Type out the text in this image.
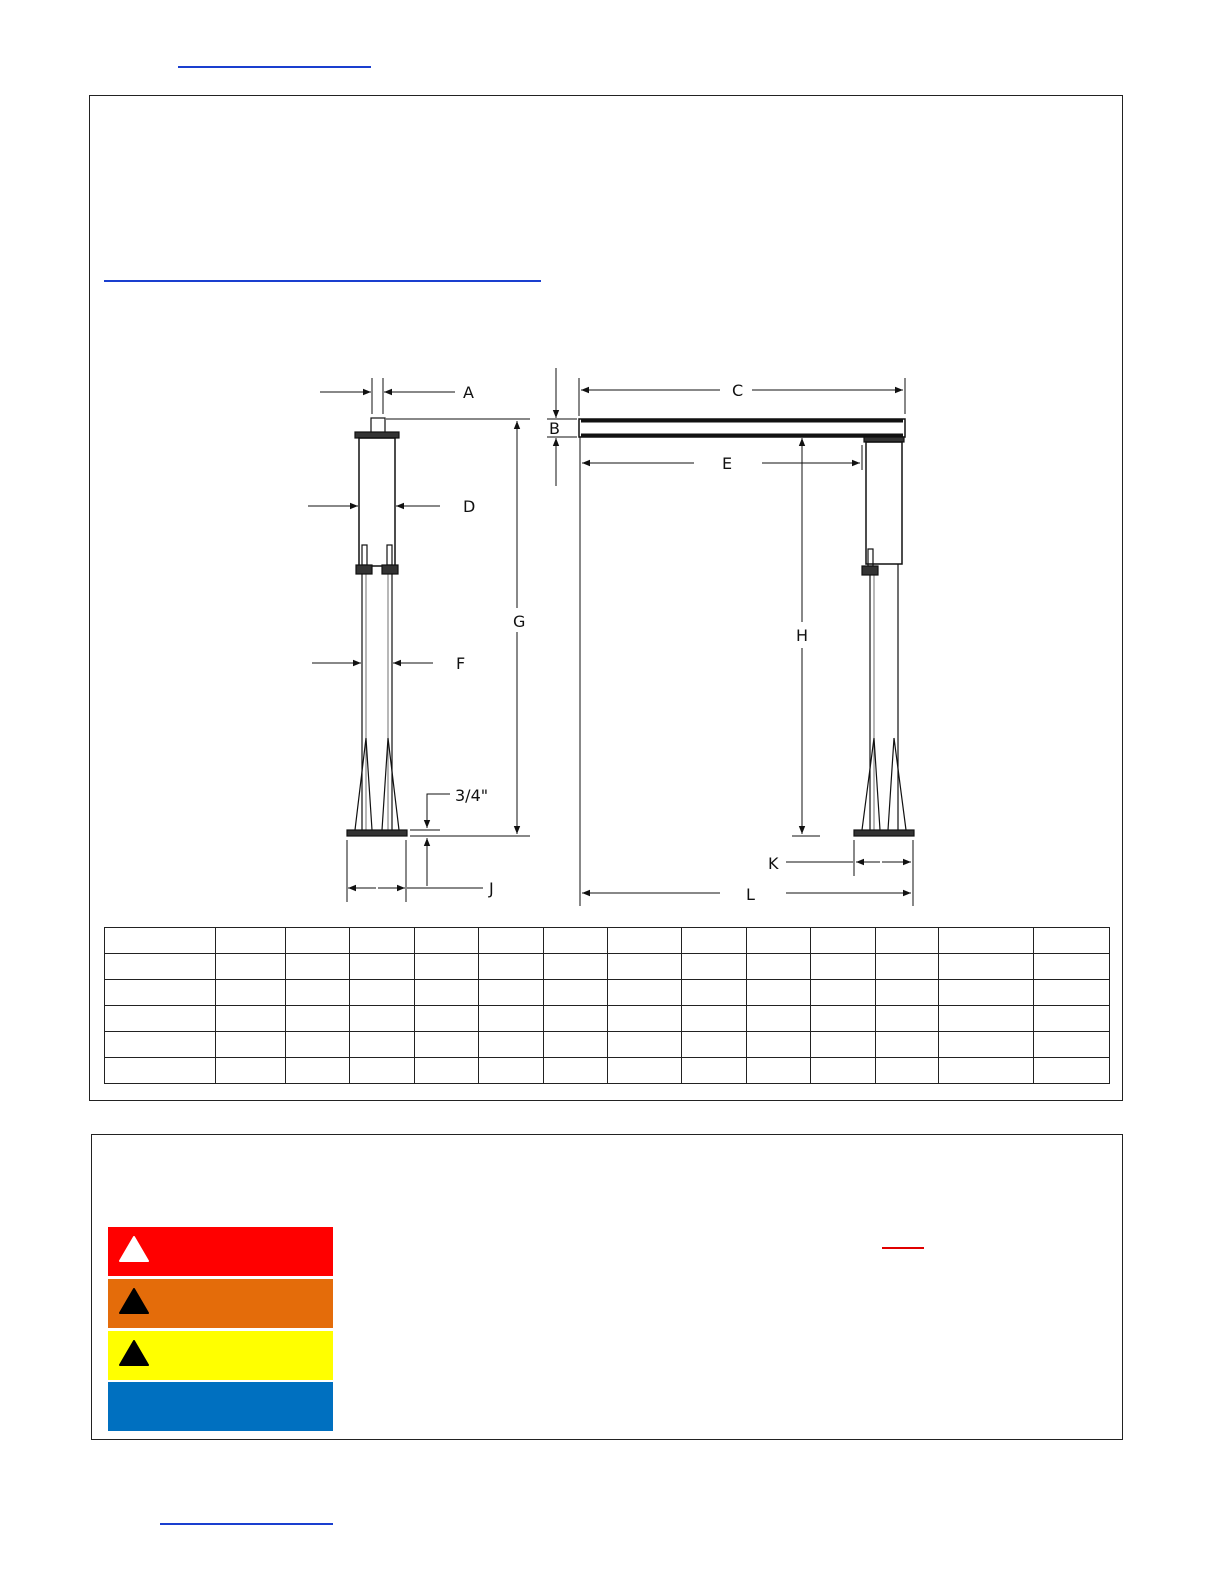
A
B
C
D
E
F
G
H
J
K
L
3/4"
